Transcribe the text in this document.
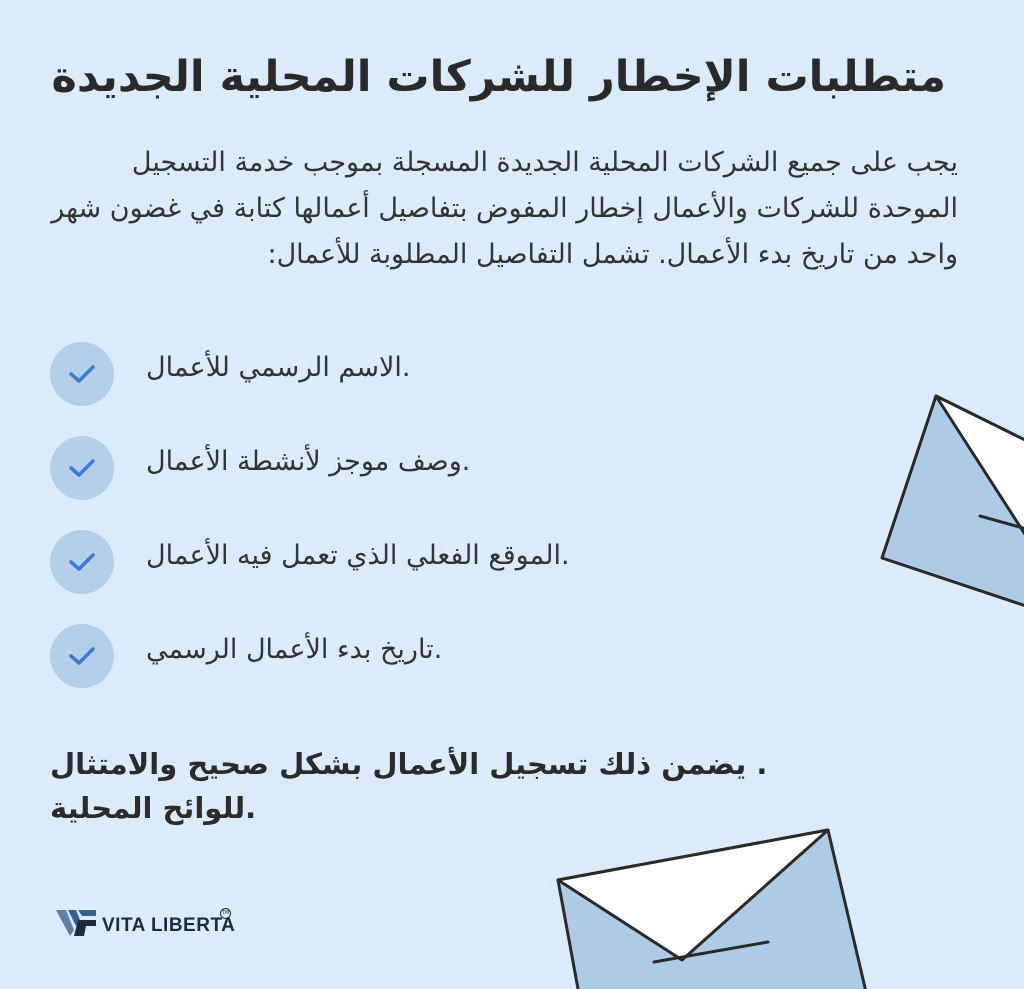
متطلبات الإخطار للشركات المحلية الجديدة

يجب على جميع الشركات المحلية الجديدة المسجلة بموجب خدمة التسجيل الموحدة للشركات والأعمال إخطار المفوض بتفاصيل أعمالها كتابة في غضون شهر واحد من تاريخ بدء الأعمال. تشمل التفاصيل المطلوبة للأعمال:

الاسم الرسمي للأعمال.
وصف موجز لأنشطة الأعمال.
الموقع الفعلي الذي تعمل فيه الأعمال.
تاريخ بدء الأعمال الرسمي.
يضمن ذلك تسجيل الأعمال بشكل صحيح والامتثال .
للوائح المحلية.
VITA LIBERTA
TM
